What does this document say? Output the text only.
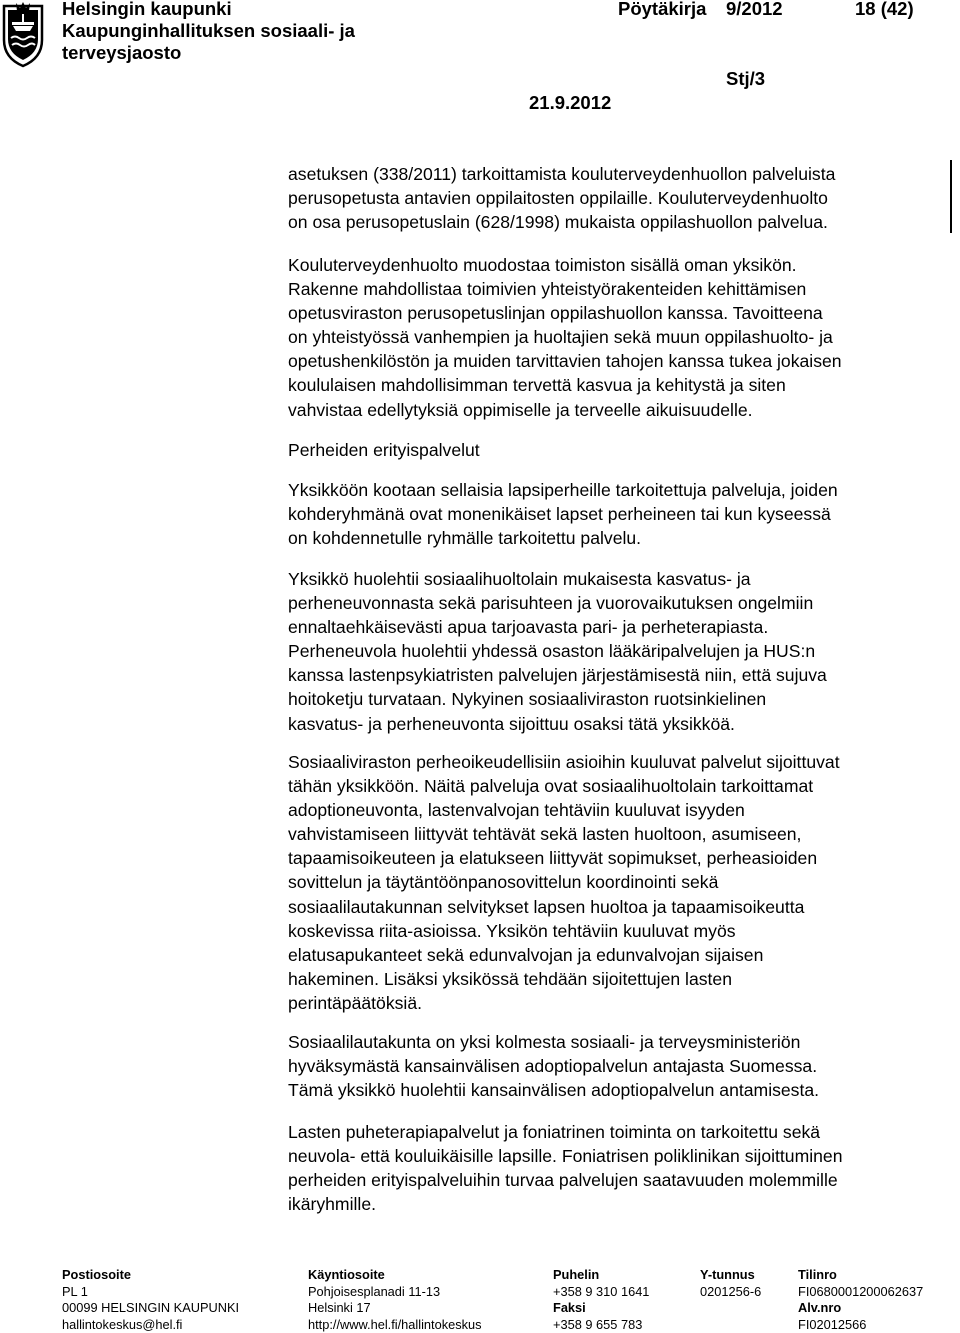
Helsingin kaupunki
Kaupunginhallituksen sosiaali- ja
terveysjaosto
Pöytäkirja 9/2012	18 (42)
Stj/3
21.9.2012
asetuksen (338/2011) tarkoittamista kouluterveydenhuollon palveluista
perusopetusta antavien oppilaitosten oppilaille. Kouluterveydenhuolto
on osa perusopetuslain (628/1998) mukaista oppilashuollon palvelua.
Kouluterveydenhuolto muodostaa toimiston sisällä oman yksikön.
Rakenne mahdollistaa toimivien yhteistyörakenteiden kehittämisen
opetusviraston perusopetuslinjan oppilashuollon kanssa. Tavoitteena
on yhteistyössä vanhempien ja huoltajien sekä muun oppilashuolto- ja
opetushenkilöstön ja muiden tarvittavien tahojen kanssa tukea jokaisen
koululaisen mahdollisimman tervettä kasvua ja kehitystä ja siten
vahvistaa edellytyksiä oppimiselle ja terveelle aikuisuudelle.
Perheiden erityispalvelut
Yksikköön kootaan sellaisia lapsiperheille tarkoitettuja palveluja, joiden
kohderyhmänä ovat monenikäiset lapset perheineen tai kun kyseessä
on kohdennetulle ryhmälle tarkoitettu palvelu.
Yksikkö huolehtii sosiaalihuoltolain mukaisesta kasvatus- ja
perheneuvonnasta sekä parisuhteen ja vuorovaikutuksen ongelmiin
ennaltaehkäisevästi apua tarjoavasta pari- ja perheterapiasta.
Perheneuvola huolehtii yhdessä osaston lääkäripalvelujen ja HUS:n
kanssa lastenpsykiatristen palvelujen järjestämisestä niin, että sujuva
hoitoketju turvataan. Nykyinen sosiaaliviraston ruotsinkielinen
kasvatus- ja perheneuvonta sijoittuu osaksi tätä yksikköä.
Sosiaaliviraston perheoikeudellisiin asioihin kuuluvat palvelut sijoittuvat
tähän yksikköön. Näitä palveluja ovat sosiaalihuoltolain tarkoittamat
adoptioneuvonta, lastenvalvojan tehtäviin kuuluvat isyyden
vahvistamiseen liittyvät tehtävät sekä lasten huoltoon, asumiseen,
tapaamisoikeuteen ja elatukseen liittyvät sopimukset, perheasioiden
sovittelun ja täytäntöönpanosovittelun koordinointi sekä
sosiaalilautakunnan selvitykset lapsen huoltoa ja tapaamisoikeutta
koskevissa riita-asioissa. Yksikön tehtäviin kuuluvat myös
elatusapukanteet sekä edunvalvojan ja edunvalvojan sijaisen
hakeminen. Lisäksi yksikössä tehdään sijoitettujen lasten
perintäpäätöksiä.
Sosiaalilautakunta on yksi kolmesta sosiaali- ja terveysministeriön
hyväksymästä kansainvälisen adoptiopalvelun antajasta Suomessa.
Tämä yksikkö huolehtii kansainvälisen adoptiopalvelun antamisesta.
Lasten puheterapiapalvelut ja foniatrinen toiminta on tarkoitettu sekä
neuvola- että kouluikäisille lapsille. Foniatrisen poliklinikan sijoittuminen
perheiden erityispalveluihin turvaa palvelujen saatavuuden molemmille
ikäryhmille.
Postiosoite
PL 1
00099 HELSINGIN KAUPUNKI
hallintokeskus@hel.fi
Käyntiosoite
Pohjoisesplanadi 11-13
Helsinki 17
http://www.hel.fi/hallintokeskus
Puhelin
+358 9 310 1641
Faksi
+358 9 655 783
Y-tunnus
0201256-6
Tilinro
FI0680001200062637
Alv.nro
FI02012566
